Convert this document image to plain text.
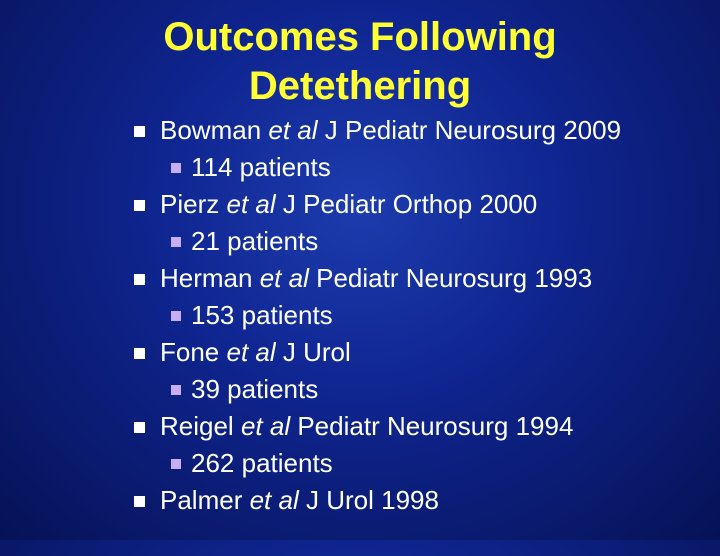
Outcomes Following
Detethering
Bowman et al J Pediatr Neurosurg 2009
114 patients
Pierz et al J Pediatr Orthop 2000
21 patients
Herman et al Pediatr Neurosurg 1993
153 patients
Fone et al J Urol
39 patients
Reigel et al Pediatr Neurosurg 1994
262 patients
Palmer et al J Urol 1998
